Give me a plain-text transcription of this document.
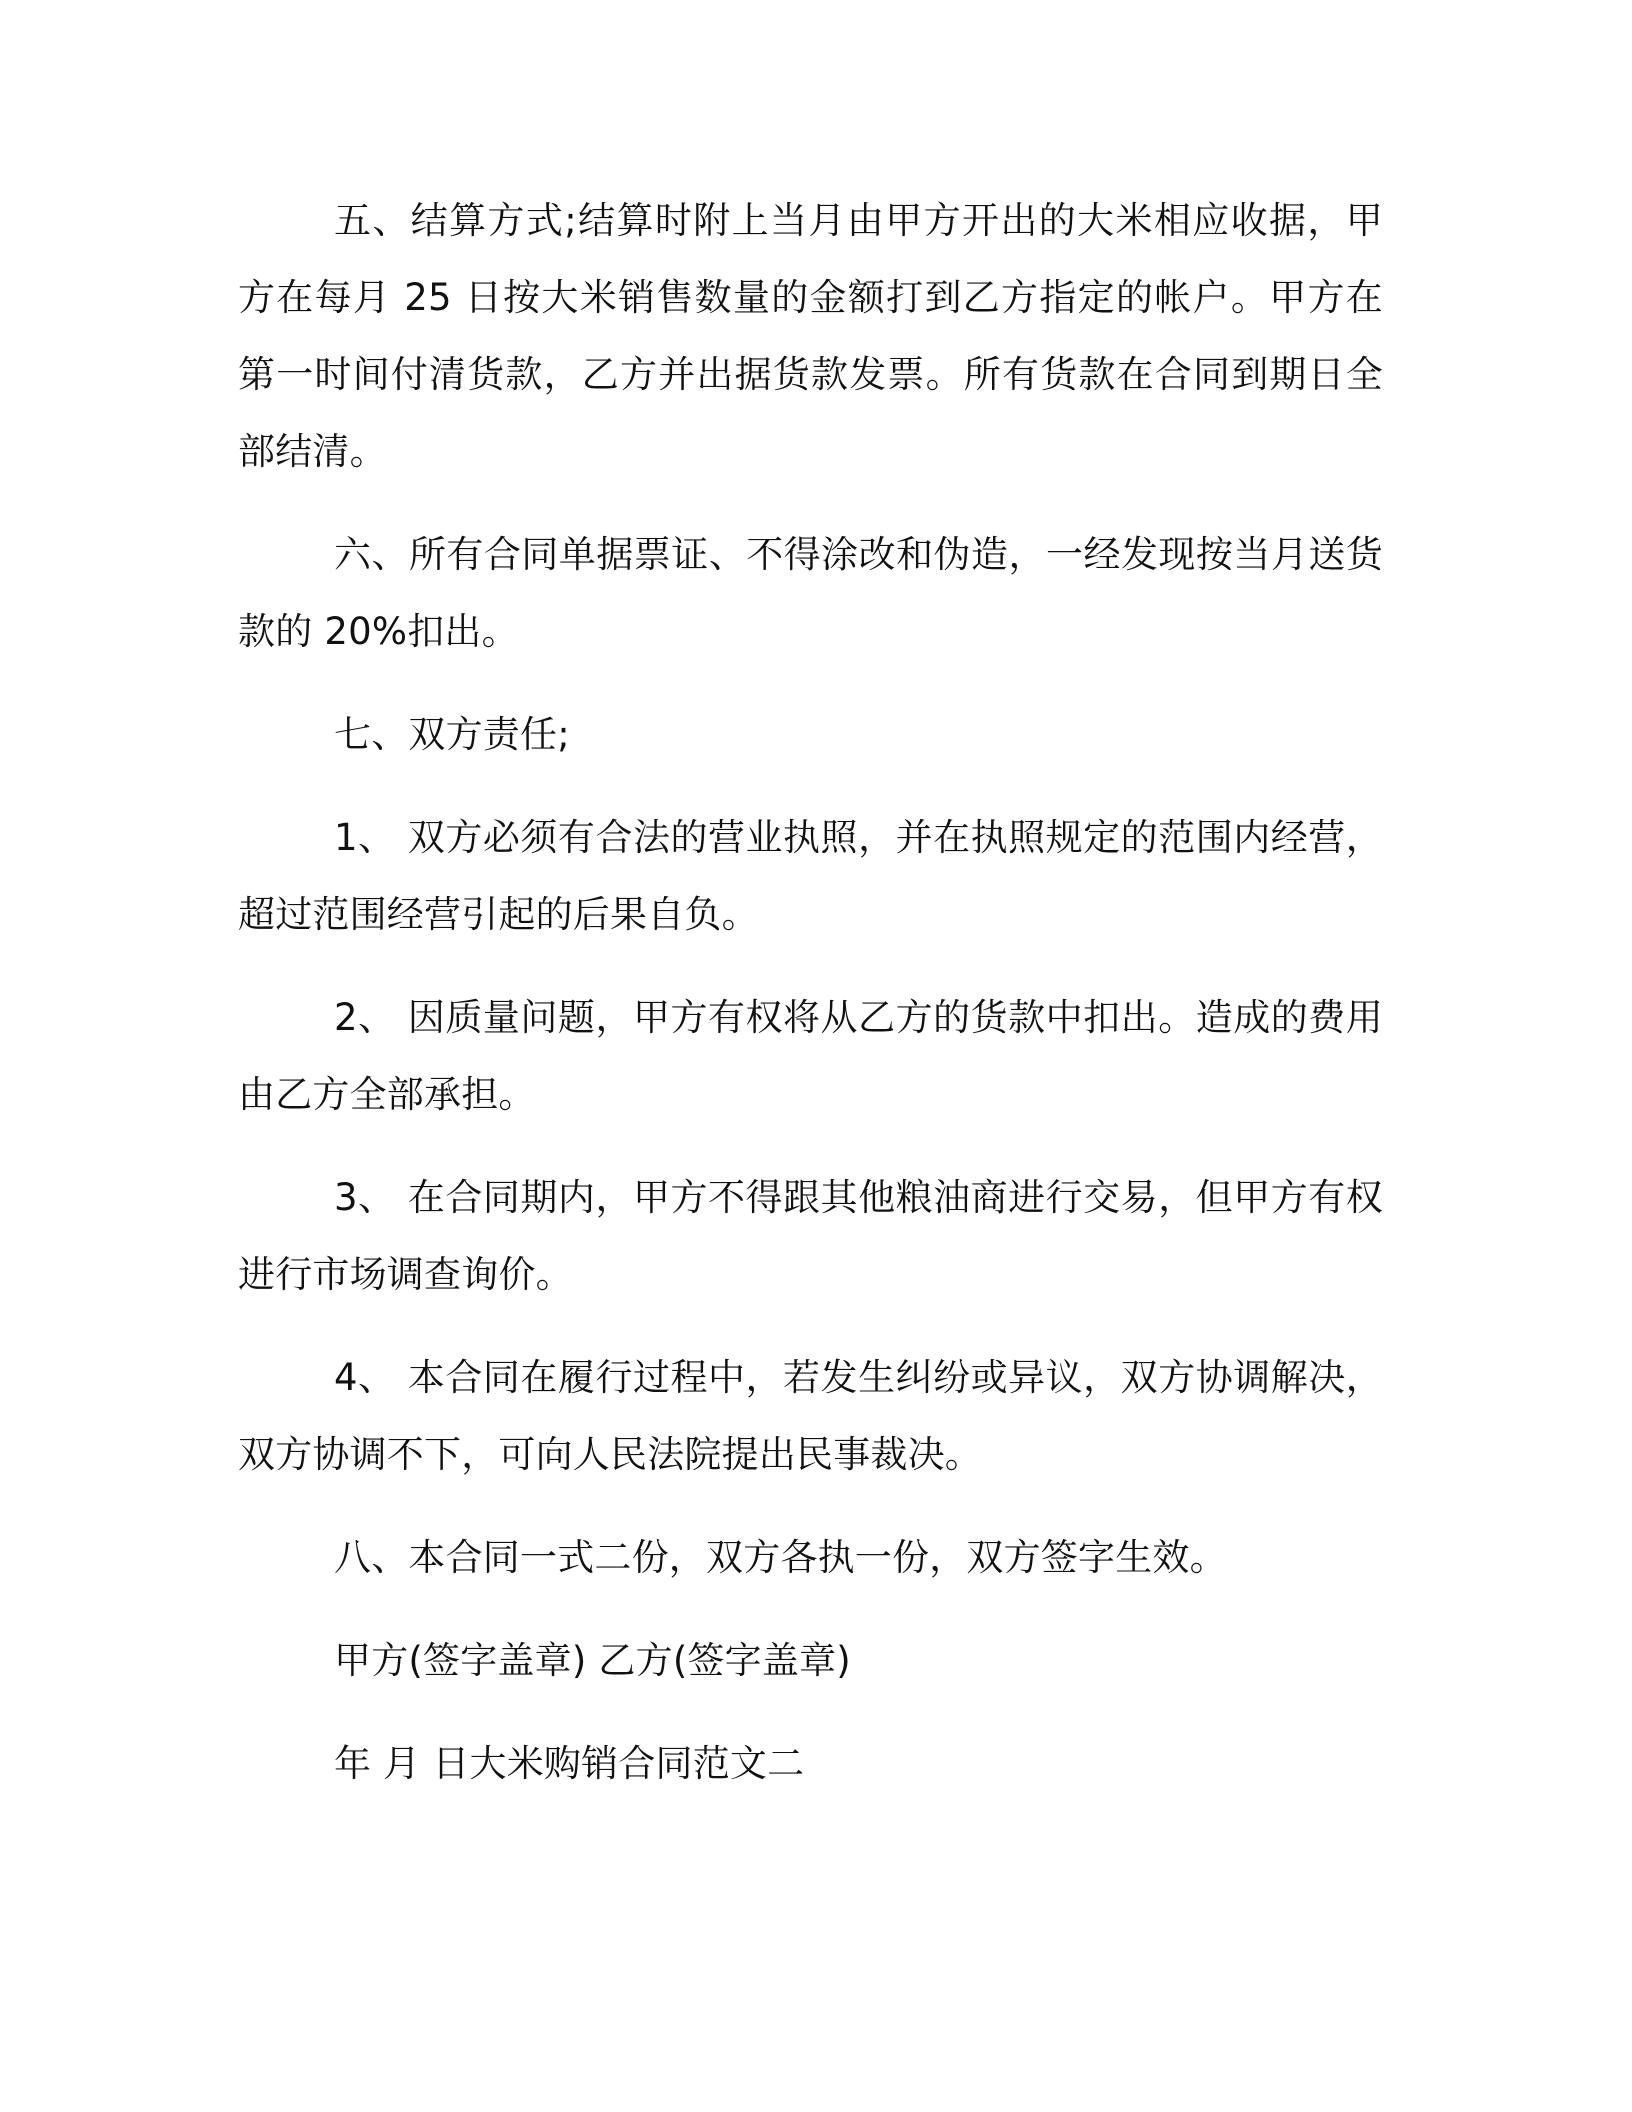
五、结算方式;结算时附上当月由甲方开出的大米相应收据，甲方在每月 25 日按大米销售数量的金额打到乙方指定的帐户。甲方在第一时间付清货款，乙方并出据货款发票。所有货款在合同到期日全部结清。

六、所有合同单据票证、不得涂改和伪造，一经发现按当月送货款的 20%扣出。

七、双方责任;

1、 双方必须有合法的营业执照，并在执照规定的范围内经营，超过范围经营引起的后果自负。

2、 因质量问题，甲方有权将从乙方的货款中扣出。造成的费用由乙方全部承担。

3、 在合同期内，甲方不得跟其他粮油商进行交易，但甲方有权进行市场调查询价。

4、 本合同在履行过程中，若发生纠纷或异议，双方协调解决，双方协调不下，可向人民法院提出民事裁决。

八、本合同一式二份，双方各执一份，双方签字生效。

甲方(签字盖章) 乙方(签字盖章)

年 月 日大米购销合同范文二
